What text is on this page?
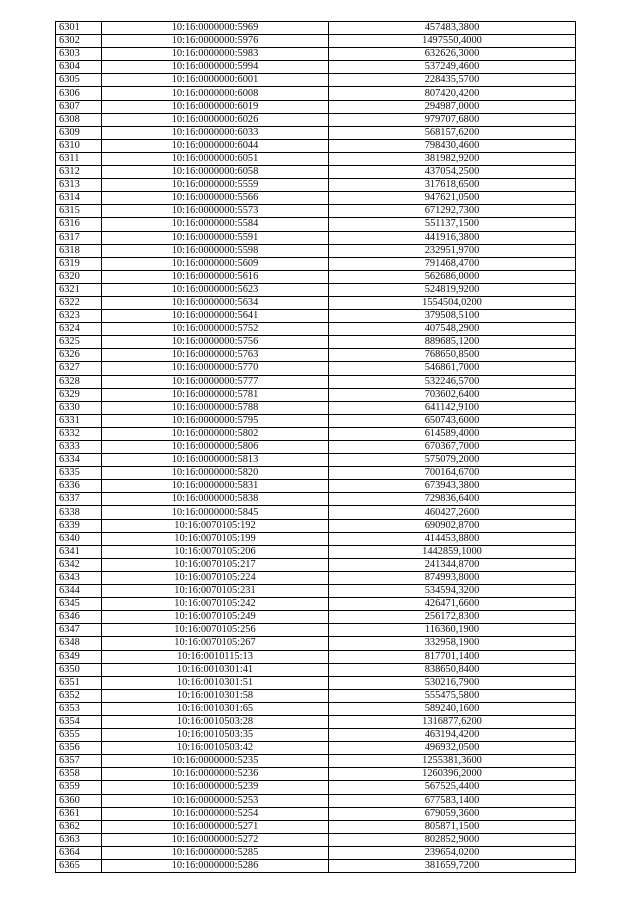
6301	10:16:0000000:5969	457483,3800
6302	10:16:0000000:5976	1497550,4000
6303	10:16:0000000:5983	632626,3000
6304	10:16:0000000:5994	537249,4600
6305	10:16:0000000:6001	228435,5700
6306	10:16:0000000:6008	807420,4200
6307	10:16:0000000:6019	294987,0000
6308	10:16:0000000:6026	979707,6800
6309	10:16:0000000:6033	568157,6200
6310	10:16:0000000:6044	798430,4600
6311	10:16:0000000:6051	381982,9200
6312	10:16:0000000:6058	437054,2500
6313	10:16:0000000:5559	317618,6500
6314	10:16:0000000:5566	947621,0500
6315	10:16:0000000:5573	671292,7300
6316	10:16:0000000:5584	551137,1500
6317	10:16:0000000:5591	441916,3800
6318	10:16:0000000:5598	232951,9700
6319	10:16:0000000:5609	791468,4700
6320	10:16:0000000:5616	562686,0000
6321	10:16:0000000:5623	524819,9200
6322	10:16:0000000:5634	1554504,0200
6323	10:16:0000000:5641	379508,5100
6324	10:16:0000000:5752	407548,2900
6325	10:16:0000000:5756	889685,1200
6326	10:16:0000000:5763	768650,8500
6327	10:16:0000000:5770	546861,7000
6328	10:16:0000000:5777	532246,5700
6329	10:16:0000000:5781	703602,6400
6330	10:16:0000000:5788	641142,9100
6331	10:16:0000000:5795	650743,6000
6332	10:16:0000000:5802	614589,4000
6333	10:16:0000000:5806	670367,7000
6334	10:16:0000000:5813	575079,2000
6335	10:16:0000000:5820	700164,6700
6336	10:16:0000000:5831	673943,3800
6337	10:16:0000000:5838	729836,6400
6338	10:16:0000000:5845	460427,2600
6339	10:16:0070105:192	690902,8700
6340	10:16:0070105:199	414453,8800
6341	10:16:0070105:206	1442859,1000
6342	10:16:0070105:217	241344,8700
6343	10:16:0070105:224	874993,8000
6344	10:16:0070105:231	534594,3200
6345	10:16:0070105:242	426471,6600
6346	10:16:0070105:249	256172,8300
6347	10:16:0070105:256	116360,1900
6348	10:16:0070105:267	332958,1900
6349	10:16:0010115:13	817701,1400
6350	10:16:0010301:41	838650,8400
6351	10:16:0010301:51	530216,7900
6352	10:16:0010301:58	555475,5800
6353	10:16:0010301:65	589240,1600
6354	10:16:0010503:28	1316877,6200
6355	10:16:0010503:35	463194,4200
6356	10:16:0010503:42	496932,0500
6357	10:16:0000000:5235	1255381,3600
6358	10:16:0000000:5236	1260396,2000
6359	10:16:0000000:5239	567525,4400
6360	10:16:0000000:5253	677583,1400
6361	10:16:0000000:5254	679059,3600
6362	10:16:0000000:5271	805871,1500
6363	10:16:0000000:5272	802852,9000
6364	10:16:0000000:5285	239654,0200
6365	10:16:0000000:5286	381659,7200
